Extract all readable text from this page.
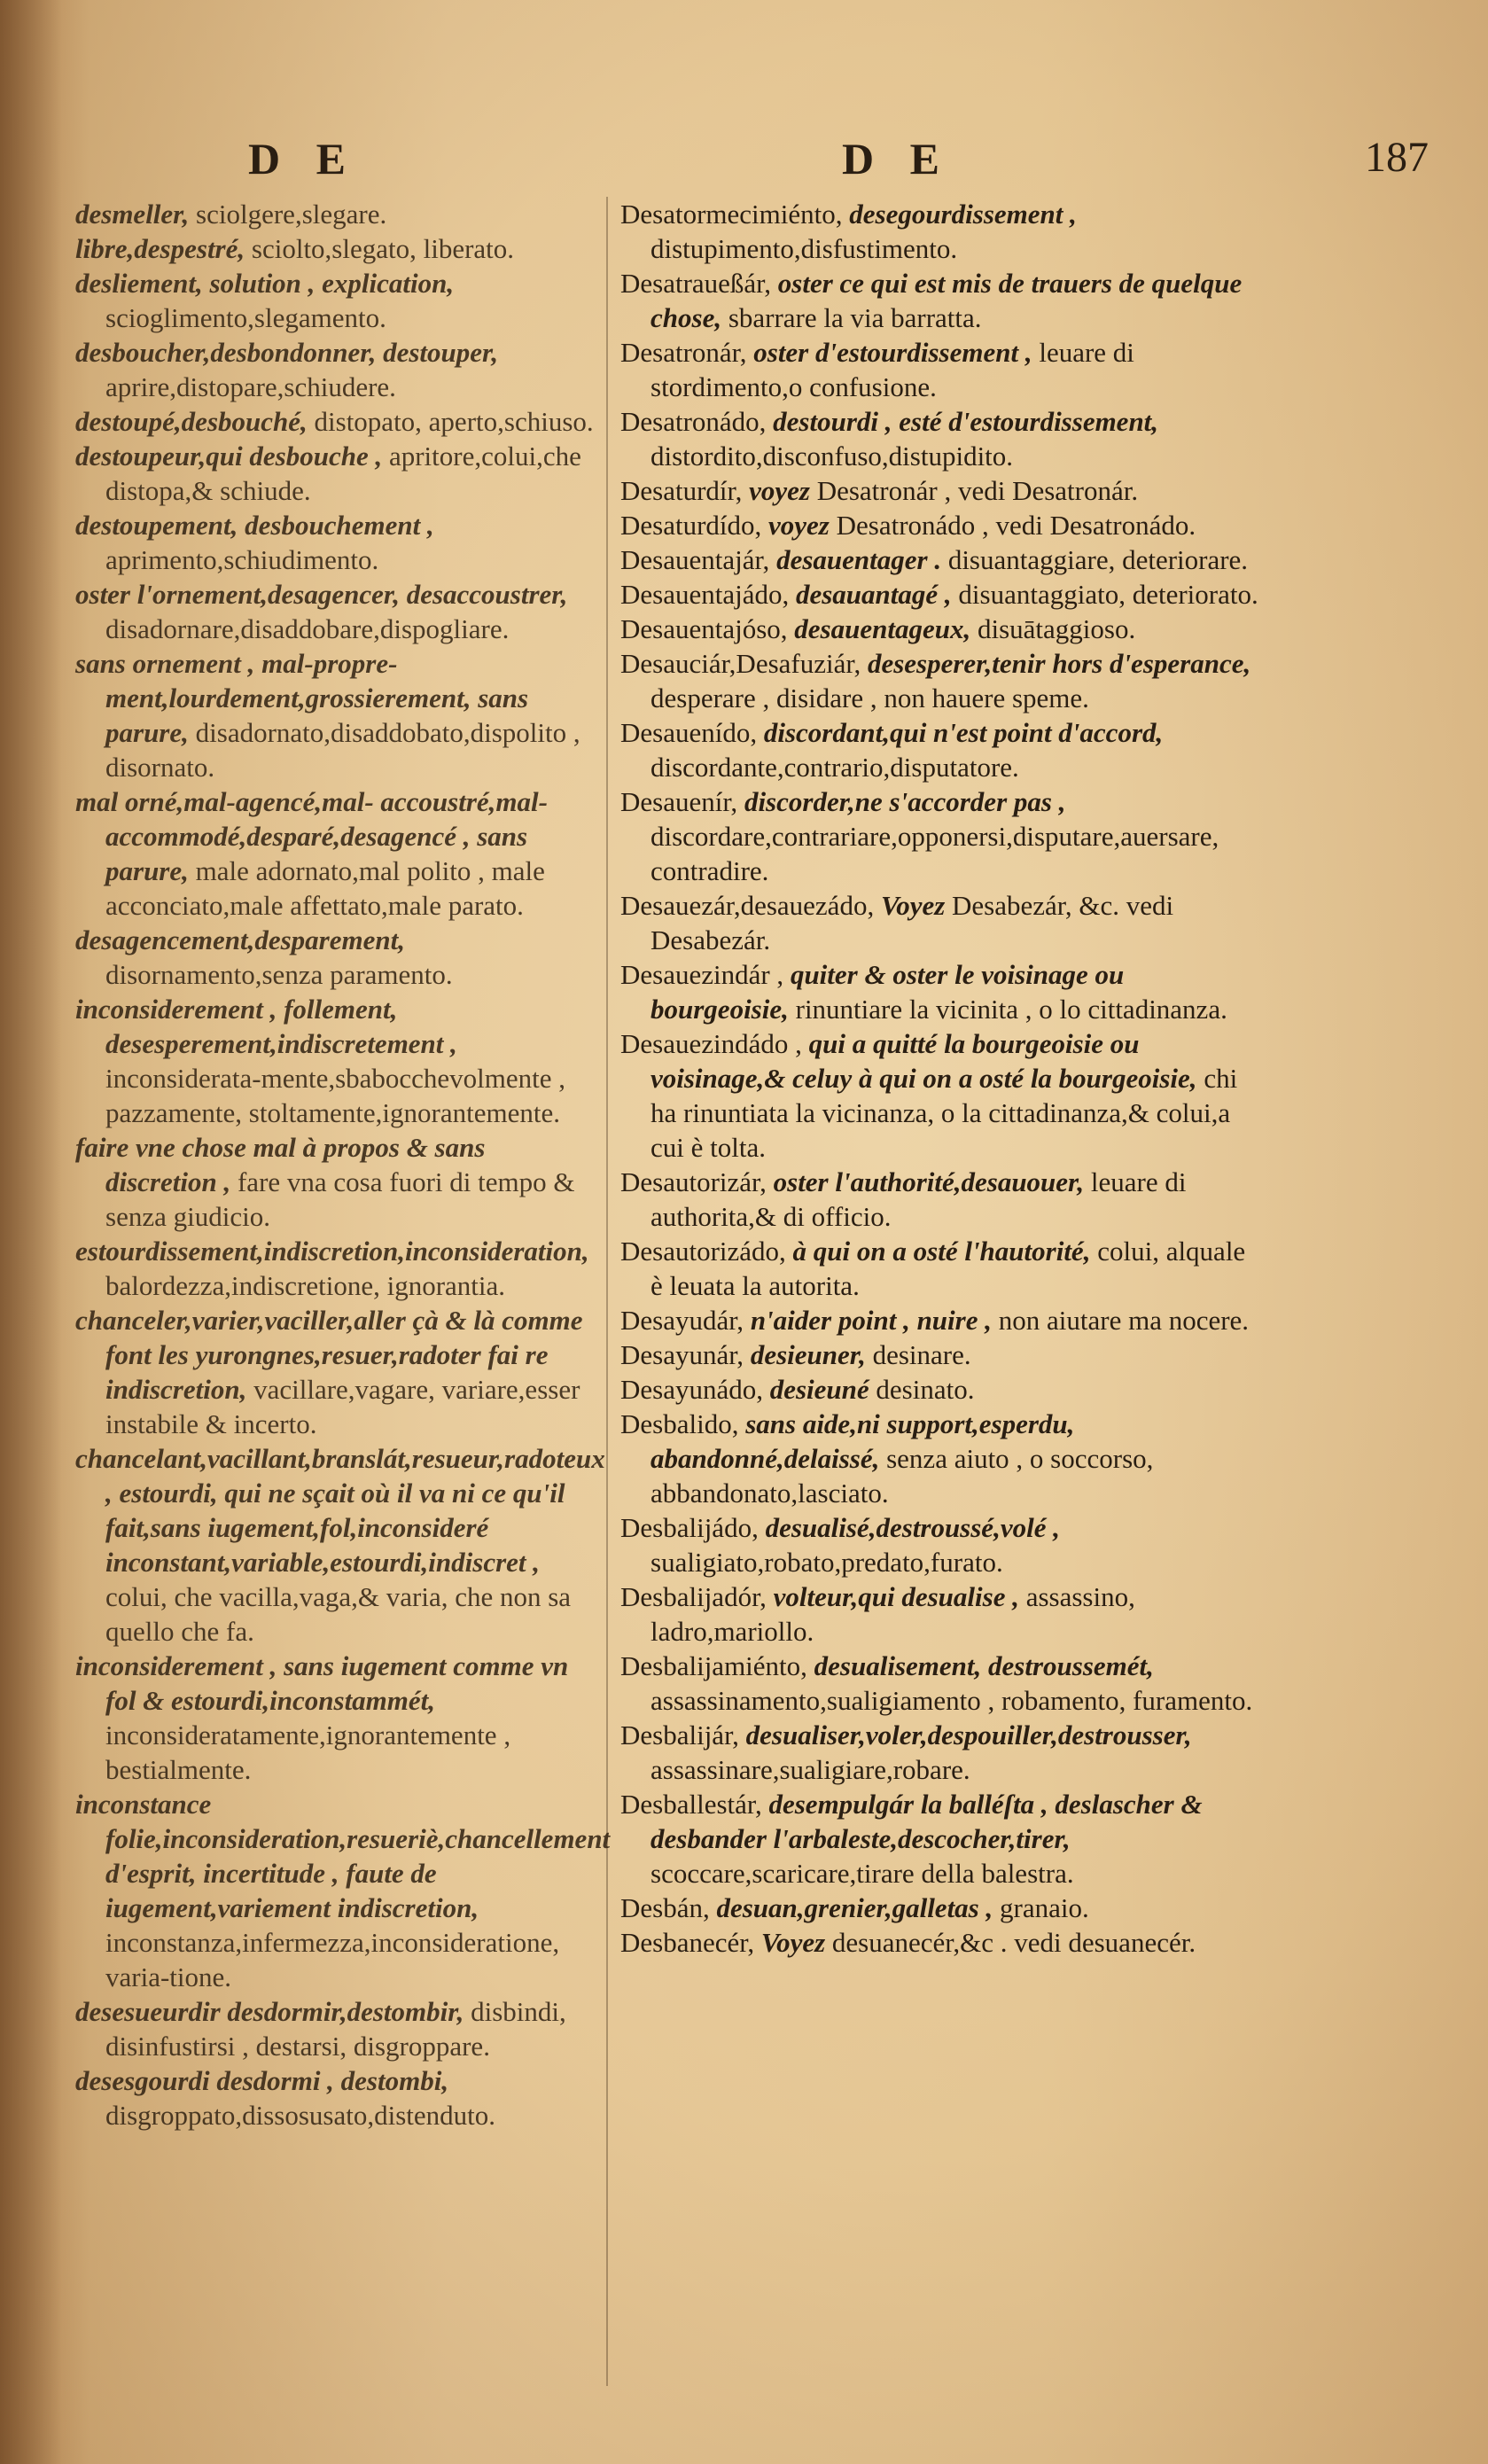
D E	D E	187
desmeller, sciolgere,slegare.
libre,despestré, sciolto,slegato, liberato.
desliement, solution , explication, scioglimento,slegamento.
desboucher,desbondonner, destouper, aprire,distopare,schiudere.
destoupé,desbouché, distopato, aperto,schiuso.
destoupeur,qui desbouche , apritore,colui,che distopa,& schiude.
destoupement, desbouchement , aprimento,schiudimento.
oster l'ornement,desagencer, desaccoustrer, disadornare,disaddobare,dispogliare.
sans ornement , mal-propre-ment,lourdement,grossierement, sans parure, disadornato,disaddobato,dispolito , disornato.
mal orné,mal-agencé,mal- accoustré,mal-accommodé,desparé,desagencé , sans parure, male adornato,mal polito , male acconciato,male affettato,male parato.
desagencement,desparement, disornamento,senza paramento.
inconsiderement , follement, desesperement,indiscretement , inconsiderata-mente,sbabocchevolmente , pazzamente, stoltamente,ignorantemente.
faire vne chose mal à propos & sans discretion , fare vna cosa fuori di tempo & senza giudicio.
estourdissement,indiscretion,inconsideration, balordezza,indiscretione, ignorantia.
chanceler,varier,vaciller,aller çà & là comme font les yurongnes,resuer,radoter fai re indiscretion, vacillare,vagare, variare,esser instabile & incerto.
chancelant,vacillant,branslát,resueur,radoteux , estourdi, qui ne sçait où il va ni ce qu'il fait,sans iugement,fol,inconsideré inconstant,variable,estourdi,indiscret , colui, che vacilla,vaga,& varia, che non sa quello che fa.
inconsiderement , sans iugement comme vn fol & estourdi,inconstammét, inconsideratamente,ignorantemente , bestialmente.
inconstance folie,inconsideration,resueriè,chancellement d'esprit, incertitude , faute de iugement,variement indiscretion, inconstanza,infermezza,inconsideratione, varia-tione.
desesueurdir desdormir,destombir, disbindi, disinfustirsi , destarsi, disgroppare.
desesgourdi desdormi , destombi, disgroppato,dissosusato,distenduto.
Desatormecimiénto, desegourdissement , distupimento,disfustimento.
Desatraueßár, oster ce qui est mis de trauers de quelque chose, sbarrare la via barratta.
Desatronár, oster d'estourdissement , leuare di stordimento,o confusione.
Desatronádo, destourdi , esté d'estourdissement, distordito,disconfuso,distupidito.
Desaturdír, voyez Desatronár , vedi Desatronár.
Desaturdído, voyez Desatronádo , vedi Desatronádo.
Desauentajár, desauentager . disuantaggiare, deteriorare.
Desauentajádo, desauantagé , disuantaggiato, deteriorato.
Desauentajóso, desauentageux, disuātaggioso.
Desauciár,Desafuziár, desesperer,tenir hors d'esperance, desperare , disidare , non hauere speme.
Desauenído, discordant,qui n'est point d'accord, discordante,contrario,disputatore.
Desauenír, discorder,ne s'accorder pas , discordare,contrariare,opponersi,disputare,auersare, contradire.
Desauezár,desauezádo, Voyez Desabezár, &c. vedi Desabezár.
Desauezindár , quiter & oster le voisinage ou bourgeoisie, rinuntiare la vicinita , o lo cittadinanza.
Desauezindádo , qui a quitté la bourgeoisie ou voisinage,& celuy à qui on a osté la bourgeoisie, chi ha rinuntiata la vicinanza, o la cittadinanza,& colui,a cui è tolta.
Desautorizár, oster l'authorité,desauouer, leuare di authorita,& di officio.
Desautorizádo, à qui on a osté l'hautorité, colui, alquale è leuata la autorita.
Desayudár, n'aider point , nuire , non aiutare ma nocere.
Desayunár, desieuner, desinare.
Desayunádo, desieuné desinato.
Desbalido, sans aide,ni support,esperdu, abandonné,delaissé, senza aiuto , o soccorso, abbandonato,lasciato.
Desbalijádo, desualisé,destroussé,volé , sualigiato,robato,predato,furato.
Desbalijadór, volteur,qui desualise , assassino, ladro,mariollo.
Desbalijamiénto, desualisement, destroussemét, assassinamento,sualigiamento , robamento, furamento.
Desbalijár, desualiser,voler,despouiller,destrousser, assassinare,sualigiare,robare.
Desballestár, desempulgár la balléſta , deslascher & desbander l'arbaleste,descocher,tirer, scoccare,scaricare,tirare della balestra.
Desbán, desuan,grenier,galletas , granaio.
Desbanecér, Voyez desuanecér,&c . vedi desuanecér.
